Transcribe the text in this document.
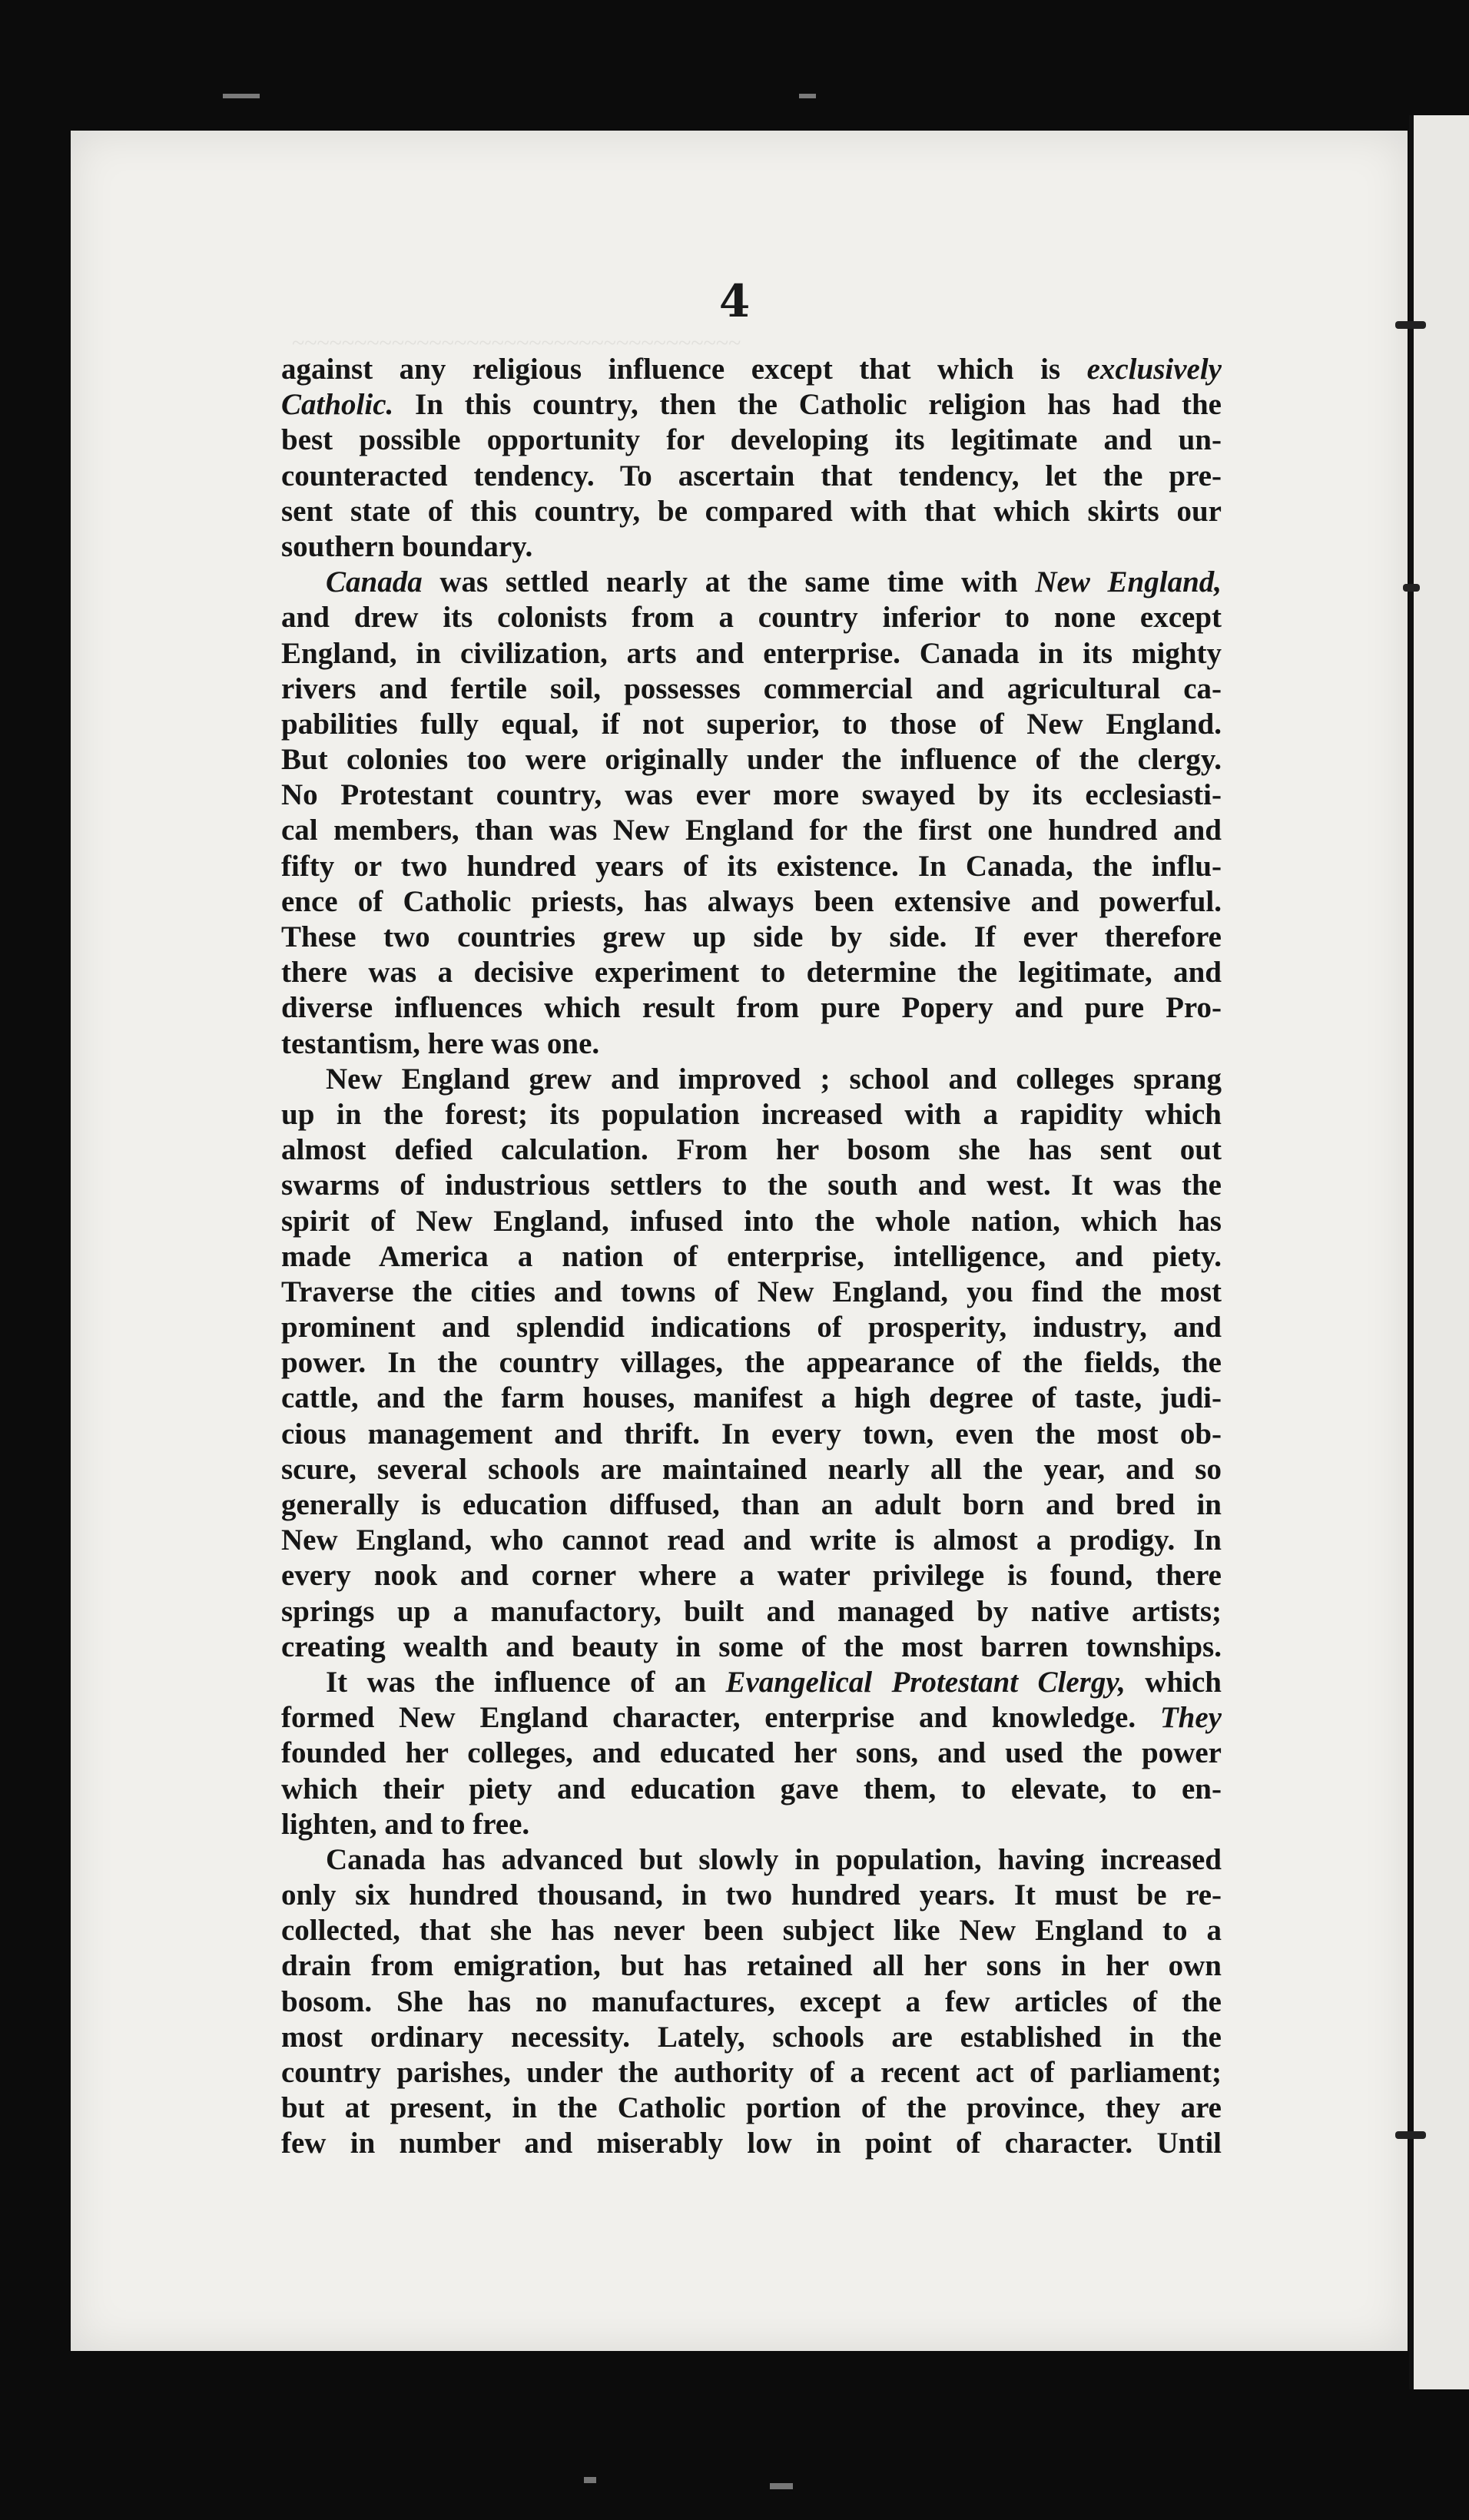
~~~~~~~~~~~~~~~~~~~~~~~~~~~~~~~~~~~~
4
against any religious influence except that which is exclusively
Catholic. In this country, then the Catholic religion has had the
best possible opportunity for developing its legitimate and un-
counteracted tendency. To ascertain that tendency, let the pre-
sent state of this country, be compared with that which skirts our
southern boundary.
Canada was settled nearly at the same time with New England,
and drew its colonists from a country inferior to none except
England, in civilization, arts and enterprise. Canada in its mighty
rivers and fertile soil, possesses commercial and agricultural ca-
pabilities fully equal, if not superior, to those of New England.
But colonies too were originally under the influence of the clergy.
No Protestant country, was ever more swayed by its ecclesiasti-
cal members, than was New England for the first one hundred and
fifty or two hundred years of its existence. In Canada, the influ-
ence of Catholic priests, has always been extensive and powerful.
These two countries grew up side by side. If ever therefore
there was a decisive experiment to determine the legitimate, and
diverse influences which result from pure Popery and pure Pro-
testantism, here was one.
New England grew and improved ; school and colleges sprang
up in the forest; its population increased with a rapidity which
almost defied calculation. From her bosom she has sent out
swarms of industrious settlers to the south and west. It was the
spirit of New England, infused into the whole nation, which has
made America a nation of enterprise, intelligence, and piety.
Traverse the cities and towns of New England, you find the most
prominent and splendid indications of prosperity, industry, and
power. In the country villages, the appearance of the fields, the
cattle, and the farm houses, manifest a high degree of taste, judi-
cious management and thrift. In every town, even the most ob-
scure, several schools are maintained nearly all the year, and so
generally is education diffused, than an adult born and bred in
New England, who cannot read and write is almost a prodigy. In
every nook and corner where a water privilege is found, there
springs up a manufactory, built and managed by native artists;
creating wealth and beauty in some of the most barren townships.
It was the influence of an Evangelical Protestant Clergy, which
formed New England character, enterprise and knowledge. They
founded her colleges, and educated her sons, and used the power
which their piety and education gave them, to elevate, to en-
lighten, and to free.
Canada has advanced but slowly in population, having increased
only six hundred thousand, in two hundred years. It must be re-
collected, that she has never been subject like New England to a
drain from emigration, but has retained all her sons in her own
bosom. She has no manufactures, except a few articles of the
most ordinary necessity. Lately, schools are established in the
country parishes, under the authority of a recent act of parliament;
but at present, in the Catholic portion of the province, they are
few in number and miserably low in point of character. Until
